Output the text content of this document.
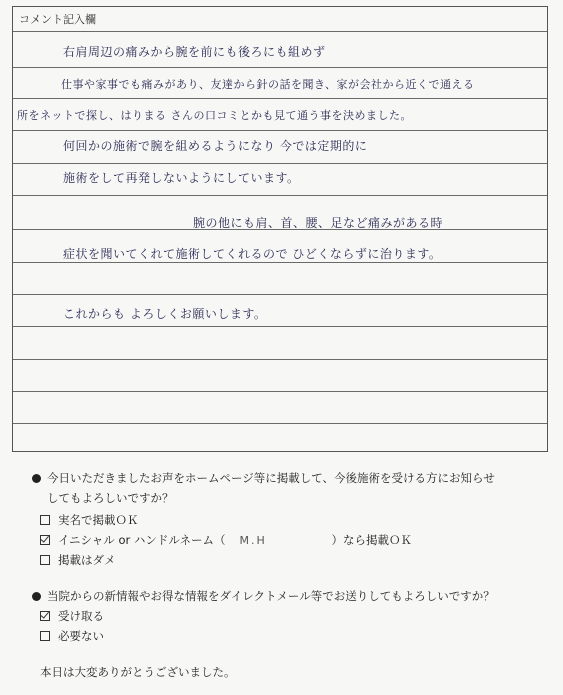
コメント記入欄
右肩周辺の痛みから腕を前にも後ろにも組めず
仕事や家事でも痛みがあり、友達から針の話を聞き、家が会社から近くで通える
所をネットで探し、はりまる さんの口コミとかも見て通う事を決めました。
何回かの施術で腕を組めるようになり 今では定期的に
施術をして再発しないようにしています。
腕の他にも肩、首、腰、足など痛みがある時
症状を聞いてくれて施術してくれるので ひどくならずに治ります。
これからも よろしくお願いします。
今日いただきましたお声をホームページ等に掲載して、今後施術を受ける方にお知らせ
してもよろしいですか？
実名で掲載ＯＫ
イニシャル or ハンドルネーム（ M.H	）なら掲載ＯＫ
掲載はダメ
当院からの新情報やお得な情報をダイレクトメール等でお送りしてもよろしいですか？
受け取る
必要ない
本日は大変ありがとうございました。
